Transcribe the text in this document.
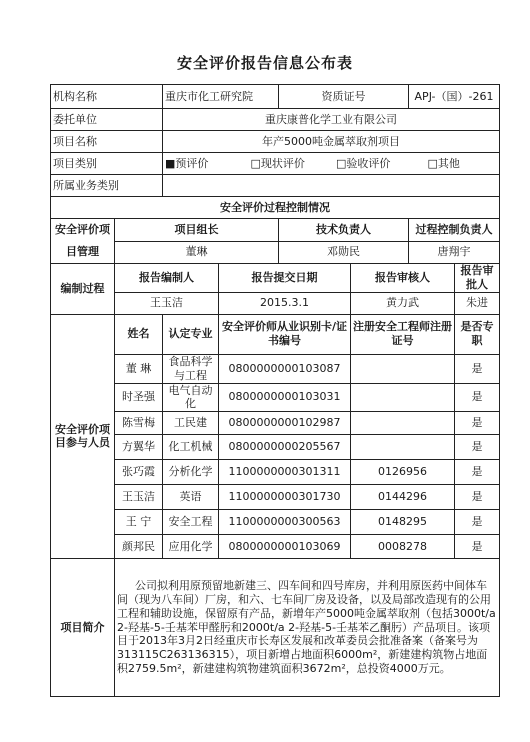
安全评价报告信息公布表
机构名称		重庆市化工研究院		资质证号		APJ-（国）-261	
委托单位		重庆康普化学工业有限公司					
项目名称		年产5000吨金属萃取剂项目					
项目类别		■预评价 □现状评价 □验收评价 □其他					
所属业务类别							
安全评价过程控制情况							
安全评价项目管理	项目组长			技术负责人		过程控制负责人	
	董琳			邓勋民		唐翔宇	
编制过程	报告编制人		报告提交日期		报告审核人		报告审批人
	王玉洁		2015.3.1		黄力武		朱进
安全评价项目参与人员	姓名	认定专业	安全评价师从业识别卡/证书编号		注册安全工程师注册证号		是否专职
	董 琳	食品科学与工程	0800000000103087				是
	时圣强	电气自动化	0800000000103031				是
	陈雪梅	工民建	0800000000102987				是
	方翼华	化工机械	0800000000205567				是
	张巧霞	分析化学	1100000000301311		0126956		是
	王玉洁	英语	1100000000301730		0144296		是
	王 宁	安全工程	1100000000300563		0148295		是
	颜邦民	应用化学	0800000000103069		0008278		是
项目简介	公司拟利用原预留地新建三、四车间和四号库房，并利用原医药中间体车间（现为八车间）厂房，和六、七车间厂房及设备，以及局部改造现有的公用工程和辅助设施，保留原有产品，新增年产5000吨金属萃取剂（包括3000t/a 2-羟基-5-壬基苯甲醛肟和2000t/a 2-羟基-5-壬基苯乙酮肟）产品项目。该项目于2013年3月2日经重庆市长寿区发展和改革委员会批准备案（备案号为313115C263136315），项目新增占地面积6000m²，新建建构筑物占地面积2759.5m²，新建建构筑物建筑面积3672m²，总投资4000万元。						
